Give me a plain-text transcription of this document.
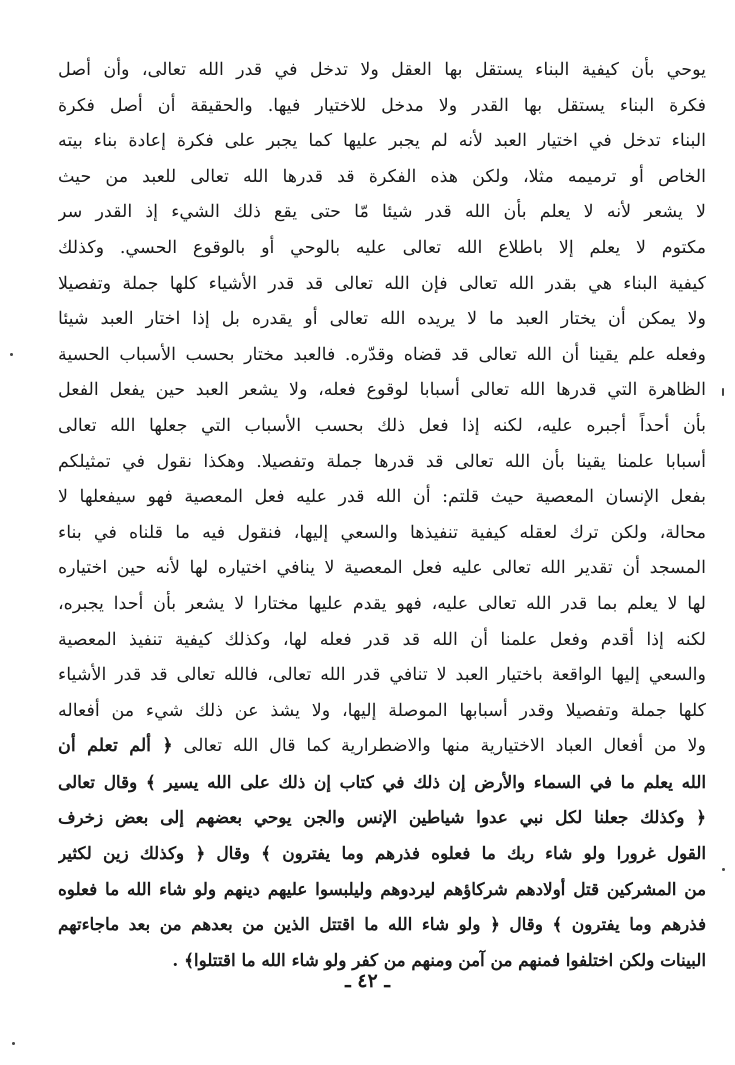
يوحي بأن كيفية البناء يستقل بها العقل ولا تدخل في قدر الله تعالى، وأن أصل
فكرة البناء يستقل بها القدر ولا مدخل للاختيار فيها. والحقيقة أن أصل فكرة
البناء تدخل في اختيار العبد لأنه لم يجبر عليها كما يجبر على فكرة إعادة بناء بيته
الخاص أو ترميمه مثلا، ولكن هذه الفكرة قد قدرها الله تعالى للعبد من حيث
لا يشعر لأنه لا يعلم بأن الله قدر شيئا مّا حتى يقع ذلك الشيء إذ القدر سر
مكتوم لا يعلم إلا باطلاع الله تعالى عليه بالوحي أو بالوقوع الحسي. وكذلك
كيفية البناء هي بقدر الله تعالى فإن الله تعالى قد قدر الأشياء كلها جملة وتفصيلا
ولا يمكن أن يختار العبد ما لا يريده الله تعالى أو يقدره بل إذا اختار العبد شيئا
وفعله علم يقينا أن الله تعالى قد قضاه وقدّره. فالعبد مختار بحسب الأسباب الحسية
الظاهرة التي قدرها الله تعالى أسبابا لوقوع فعله، ولا يشعر العبد حين يفعل الفعل
بأن أحداً أجبره عليه، لكنه إذا فعل ذلك بحسب الأسباب التي جعلها الله تعالى
أسبابا علمنا يقينا بأن الله تعالى قد قدرها جملة وتفصيلا. وهكذا نقول في تمثيلكم
بفعل الإنسان المعصية حيث قلتم: أن الله قدر عليه فعل المعصية فهو سيفعلها لا
محالة، ولكن ترك لعقله كيفية تنفيذها والسعي إليها، فنقول فيه ما قلناه في بناء
المسجد أن تقدير الله تعالى عليه فعل المعصية لا ينافي اختياره لها لأنه حين اختياره
لها لا يعلم بما قدر الله تعالى عليه، فهو يقدم عليها مختارا لا يشعر بأن أحدا يجبره،
لكنه إذا أقدم وفعل علمنا أن الله قد قدر فعله لها، وكذلك كيفية تنفيذ المعصية
والسعي إليها الواقعة باختيار العبد لا تنافي قدر الله تعالى، فالله تعالى قد قدر الأشياء
كلها جملة وتفصيلا وقدر أسبابها الموصلة إليها، ولا يشذ عن ذلك شيء من أفعاله
ولا من أفعال العباد الاختيارية منها والاضطرارية كما قال الله تعالى ﴿ ألم تعلم أن
الله يعلم ما في السماء والأرض إن ذلك في كتاب إن ذلك على الله يسير ﴾ وقال تعالى
﴿ وكذلك جعلنا لكل نبي عدوا شياطين الإنس والجن يوحي بعضهم إلى بعض زخرف
القول غرورا ولو شاء ربك ما فعلوه فذرهم وما يفترون ﴾ وقال ﴿ وكذلك زين لكثير
من المشركين قتل أولادهم شركاؤهم ليردوهم وليلبسوا عليهم دينهم ولو شاء الله ما فعلوه
فذرهم وما يفترون ﴾ وقال ﴿ ولو شاء الله ما اقتتل الذين من بعدهم من بعد ماجاءتهم
البينات ولكن اختلفوا فمنهم من آمن ومنهم من كفر ولو شاء الله ما اقتتلوا﴾ .
ـ ٤٢ ـ
